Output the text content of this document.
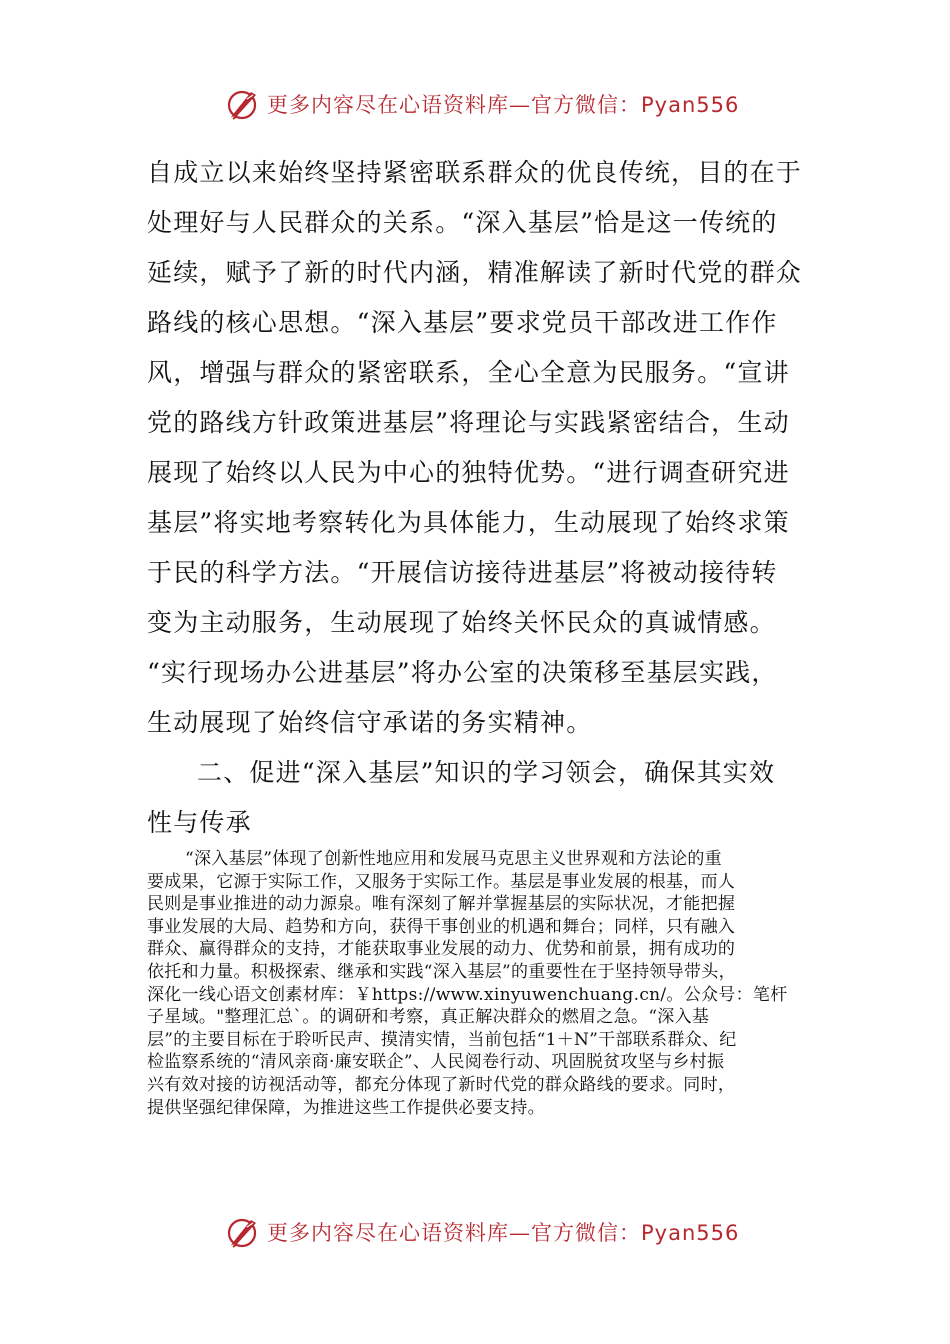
更多内容尽在心语资料库—官方微信：Pyan556
自成立以来始终坚持紧密联系群众的优良传统，目的在于
处理好与人民群众的关系。“深入基层”恰是这一传统的
延续，赋予了新的时代内涵，精准解读了新时代党的群众
路线的核心思想。“深入基层”要求党员干部改进工作作
风，增强与群众的紧密联系，全心全意为民服务。“宣讲
党的路线方针政策进基层”将理论与实践紧密结合，生动
展现了始终以人民为中心的独特优势。“进行调查研究进
基层”将实地考察转化为具体能力，生动展现了始终求策
于民的科学方法。“开展信访接待进基层”将被动接待转
变为主动服务，生动展现了始终关怀民众的真诚情感。
“实行现场办公进基层”将办公室的决策移至基层实践，
生动展现了始终信守承诺的务实精神。
二、促进“深入基层”知识的学习领会，确保其实效
性与传承
“深入基层”体现了创新性地应用和发展马克思主义世界观和方法论的重
要成果，它源于实际工作，又服务于实际工作。基层是事业发展的根基，而人
民则是事业推进的动力源泉。唯有深刻了解并掌握基层的实际状况，才能把握
事业发展的大局、趋势和方向，获得干事创业的机遇和舞台；同样，只有融入
群众、赢得群众的支持，才能获取事业发展的动力、优势和前景，拥有成功的
依托和力量。积极探索、继承和实践“深入基层”的重要性在于坚持领导带头，
深化一线心语文创素材库：￥https://www.xinyuwenchuang.cn/。公众号：笔杆
子星域。"整理汇总`。的调研和考察，真正解决群众的燃眉之急。“深入基
层”的主要目标在于聆听民声、摸清实情，当前包括“1＋N”干部联系群众、纪
检监察系统的“清风亲商·廉安联企”、人民阅卷行动、巩固脱贫攻坚与乡村振
兴有效对接的访视活动等，都充分体现了新时代党的群众路线的要求。同时，
提供坚强纪律保障，为推进这些工作提供必要支持。
更多内容尽在心语资料库—官方微信：Pyan556
